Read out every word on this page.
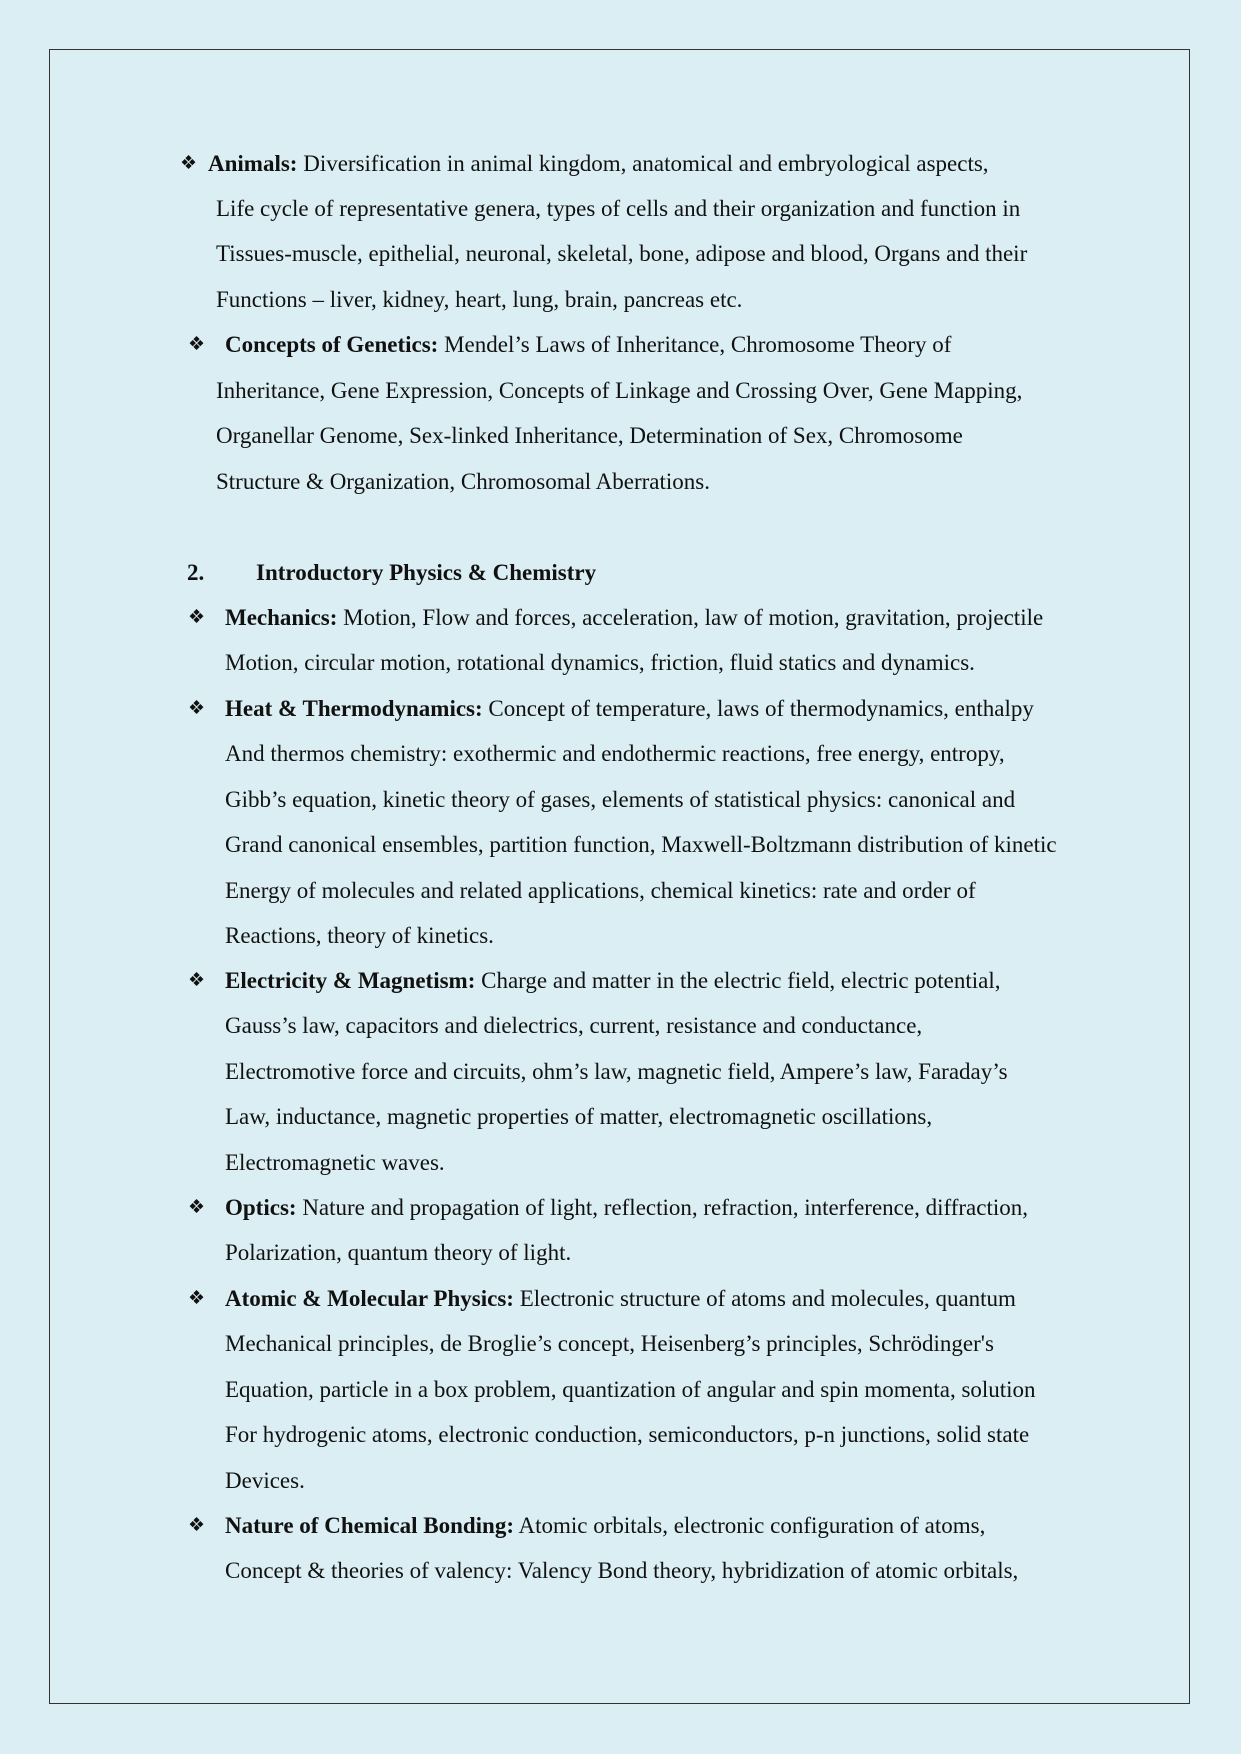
❖ Animals: Diversification in animal kingdom, anatomical and embryological aspects,
Life cycle of representative genera, types of cells and their organization and function in
Tissues-muscle, epithelial, neuronal, skeletal, bone, adipose and blood, Organs and their
Functions – liver, kidney, heart, lung, brain, pancreas etc.
❖ Concepts of Genetics: Mendel’s Laws of Inheritance, Chromosome Theory of
Inheritance, Gene Expression, Concepts of Linkage and Crossing Over, Gene Mapping,
Organellar Genome, Sex-linked Inheritance, Determination of Sex, Chromosome
Structure & Organization, Chromosomal Aberrations.
2. Introductory Physics & Chemistry
❖ Mechanics: Motion, Flow and forces, acceleration, law of motion, gravitation, projectile
Motion, circular motion, rotational dynamics, friction, fluid statics and dynamics.
❖ Heat & Thermodynamics: Concept of temperature, laws of thermodynamics, enthalpy
And thermos chemistry: exothermic and endothermic reactions, free energy, entropy,
Gibb’s equation, kinetic theory of gases, elements of statistical physics: canonical and
Grand canonical ensembles, partition function, Maxwell-Boltzmann distribution of kinetic
Energy of molecules and related applications, chemical kinetics: rate and order of
Reactions, theory of kinetics.
❖ Electricity & Magnetism: Charge and matter in the electric field, electric potential,
Gauss’s law, capacitors and dielectrics, current, resistance and conductance,
Electromotive force and circuits, ohm’s law, magnetic field, Ampere’s law, Faraday’s
Law, inductance, magnetic properties of matter, electromagnetic oscillations,
Electromagnetic waves.
❖ Optics: Nature and propagation of light, reflection, refraction, interference, diffraction,
Polarization, quantum theory of light.
❖ Atomic & Molecular Physics: Electronic structure of atoms and molecules, quantum
Mechanical principles, de Broglie’s concept, Heisenberg’s principles, Schrödinger's
Equation, particle in a box problem, quantization of angular and spin momenta, solution
For hydrogenic atoms, electronic conduction, semiconductors, p-n junctions, solid state
Devices.
❖ Nature of Chemical Bonding: Atomic orbitals, electronic configuration of atoms,
Concept & theories of valency: Valency Bond theory, hybridization of atomic orbitals,
